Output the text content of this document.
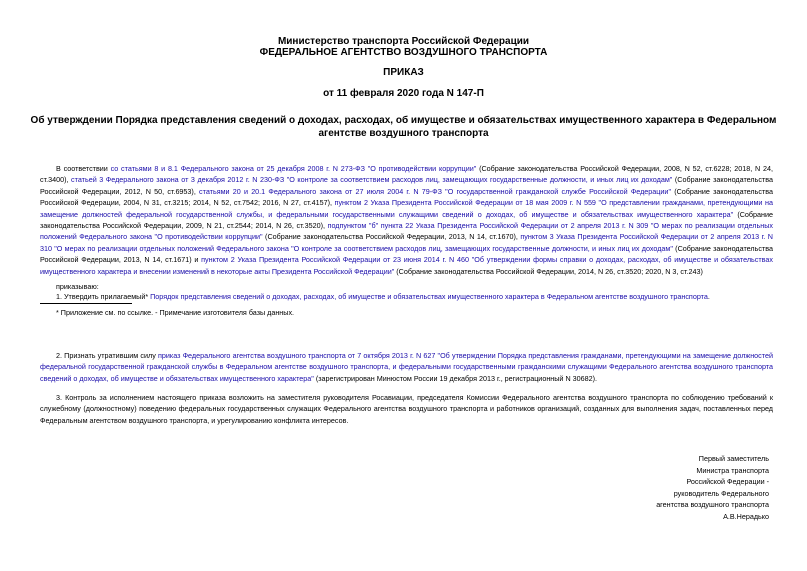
Министерство транспорта Российской Федерации
ФЕДЕРАЛЬНОЕ АГЕНТСТВО ВОЗДУШНОГО ТРАНСПОРТА
ПРИКАЗ
от 11 февраля 2020 года N 147-П
Об утверждении Порядка представления сведений о доходах, расходах, об имуществе и обязательствах имущественного характера в Федеральном агентстве воздушного транспорта
В соответствии со статьями 8 и 8.1 Федерального закона от 25 декабря 2008 г. N 273-ФЗ "О противодействии коррупции" (Собрание законодательства Российской Федерации, 2008, N 52, ст.6228; 2018, N 24, ст.3400), статьей 3 Федерального закона от 3 декабря 2012 г. N 230-ФЗ "О контроле за соответствием расходов лиц, замещающих государственные должности, и иных лиц их доходам" (Собрание законодательства Российской Федерации, 2012, N 50, ст.6953), статьями 20 и 20.1 Федерального закона от 27 июля 2004 г. N 79-ФЗ "О государственной гражданской службе Российской Федерации" (Собрание законодательства Российской Федерации, 2004, N 31, ст.3215; 2014, N 52, ст.7542; 2016, N 27, ст.4157), пунктом 2 Указа Президента Российской Федерации от 18 мая 2009 г. N 559 "О представлении гражданами, претендующими на замещение должностей федеральной государственной службы, и федеральными государственными служащими сведений о доходах, об имуществе и обязательствах имущественного характера" (Собрание законодательства Российской Федерации, 2009, N 21, ст.2544; 2014, N 26, ст.3520), подпунктом "б" пункта 22 Указа Президента Российской Федерации от 2 апреля 2013 г. N 309 "О мерах по реализации отдельных положений Федерального закона "О противодействии коррупции" (Собрание законодательства Российской Федерации, 2013, N 14, ст.1670), пунктом 3 Указа Президента Российской Федерации от 2 апреля 2013 г. N 310 "О мерах по реализации отдельных положений Федерального закона "О контроле за соответствием расходов лиц, замещающих государственные должности, и иных лиц их доходам" (Собрание законодательства Российской Федерации, 2013, N 14, ст.1671) и пунктом 2 Указа Президента Российской Федерации от 23 июня 2014 г. N 460 "Об утверждении формы справки о доходах, расходах, об имуществе и обязательствах имущественного характера и внесении изменений в некоторые акты Президента Российской Федерации" (Собрание законодательства Российской Федерации, 2014, N 26, ст.3520; 2020, N 3, ст.243)
приказываю:
1. Утвердить прилагаемый* Порядок представления сведений о доходах, расходах, об имуществе и обязательствах имущественного характера в Федеральном агентстве воздушного транспорта.
* Приложение см. по ссылке. - Примечание изготовителя базы данных.
2. Признать утратившим силу приказ Федерального агентства воздушного транспорта от 7 октября 2013 г. N 627 "Об утверждении Порядка представления гражданами, претендующими на замещение должностей федеральной государственной гражданской службы в Федеральном агентстве воздушного транспорта, и федеральными государственными гражданскими служащими Федерального агентства воздушного транспорта сведений о доходах, об имуществе и обязательствах имущественного характера" (зарегистрирован Минюстом России 19 декабря 2013 г., регистрационный N 30682).
3. Контроль за исполнением настоящего приказа возложить на заместителя руководителя Росавиации, председателя Комиссии Федерального агентства воздушного транспорта по соблюдению требований к служебному (должностному) поведению федеральных государственных служащих Федерального агентства воздушного транспорта и работников организаций, созданных для выполнения задач, поставленных перед Федеральным агентством воздушного транспорта, и урегулированию конфликта интересов.
Первый заместитель
Министра транспорта
Российской Федерации -
руководитель Федерального
агентства воздушного транспорта
А.В.Нерадько
